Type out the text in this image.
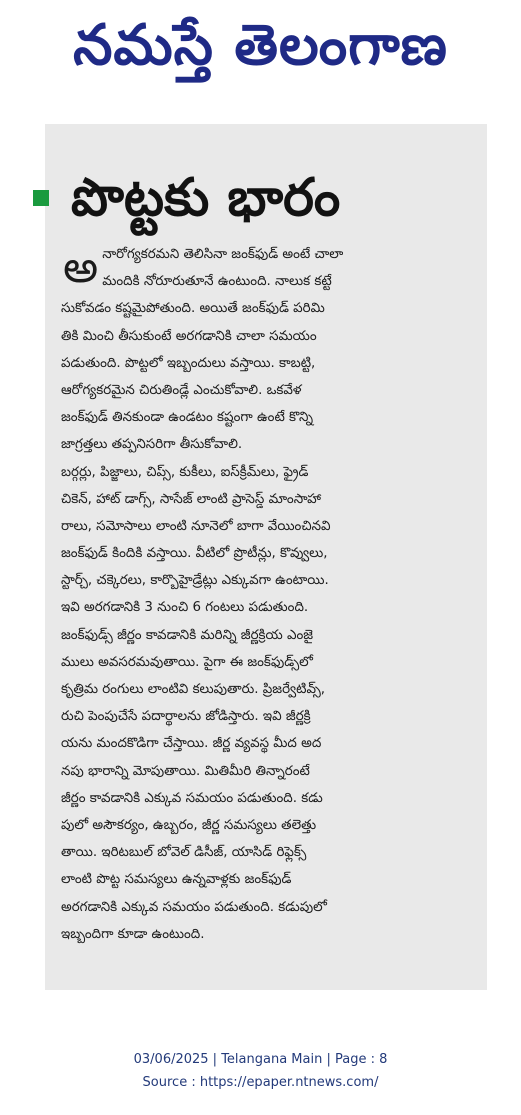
నమస్తే తెలంగాణ
పొట్టకు భారం
అ నారోగ్యకరమని తెలిసినా జంక్‌ఫుడ్ అంటే చాలా
మందికి నోరూరుతూనే ఉంటుంది. నాలుక కట్టే
సుకోవడం కష్టమైపోతుంది. అయితే జంక్‌ఫుడ్ పరిమి
తికి మించి తీసుకుంటే అరగడానికి చాలా సమయం
పడుతుంది. పొట్టలో ఇబ్బందులు వస్తాయి. కాబట్టి,
ఆరోగ్యకరమైన చిరుతిండ్లే ఎంచుకోవాలి. ఒకవేళ
జంక్‌ఫుడ్ తినకుండా ఉండటం కష్టంగా ఉంటే కొన్ని
జాగ్రత్తలు తప్పనిసరిగా తీసుకోవాలి.
బర్గర్లు, పిజ్జాలు, చిప్స్, కుకీలు, ఐస్‌క్రీమ్‌లు, ఫ్రైడ్
చికెన్, హాట్ డాగ్స్, సాసేజ్ లాంటి ప్రాసెస్డ్ మాంసాహా
రాలు, సమోసాలు లాంటి నూనెలో బాగా వేయించినవి
జంక్‌ఫుడ్ కిందికి వస్తాయి. వీటిలో ప్రొటీన్లు, కొవ్వులు,
స్టార్చ్, చక్కెరలు, కార్బొహైడ్రేట్లు ఎక్కువగా ఉంటాయి.
ఇవి అరగడానికి 3 నుంచి 6 గంటలు పడుతుంది.
జంక్‌ఫుడ్స్ జీర్ణం కావడానికి మరిన్ని జీర్ణక్రియ ఎంజై
ములు అవసరమవుతాయి. పైగా ఈ జంక్‌ఫుడ్స్‌లో
కృత్రిమ రంగులు లాంటివి కలుపుతారు. ప్రిజర్వేటివ్స్,
రుచి పెంపుచేసే పదార్థాలను జోడిస్తారు. ఇవి జీర్ణక్రి
యను మందకొడిగా చేస్తాయి. జీర్ణ వ్యవస్థ మీద అద
నపు భారాన్ని మోపుతాయి. మితిమీరి తిన్నారంటే
జీర్ణం కావడానికి ఎక్కువ సమయం పడుతుంది. కడు
పులో అసౌకర్యం, ఉబ్బరం, జీర్ణ సమస్యలు తలెత్తు
తాయి. ఇరిటబుల్ బోవెల్ డిసీజ్, యాసిడ్ రిఫ్లెక్స్
లాంటి పొట్ట సమస్యలు ఉన్నవాళ్లకు జంక్‌ఫుడ్
అరగడానికి ఎక్కువ సమయం పడుతుంది. కడుపులో
ఇబ్బందిగా కూడా ఉంటుంది.
03/06/2025 | Telangana Main | Page : 8
Source : https://epaper.ntnews.com/
